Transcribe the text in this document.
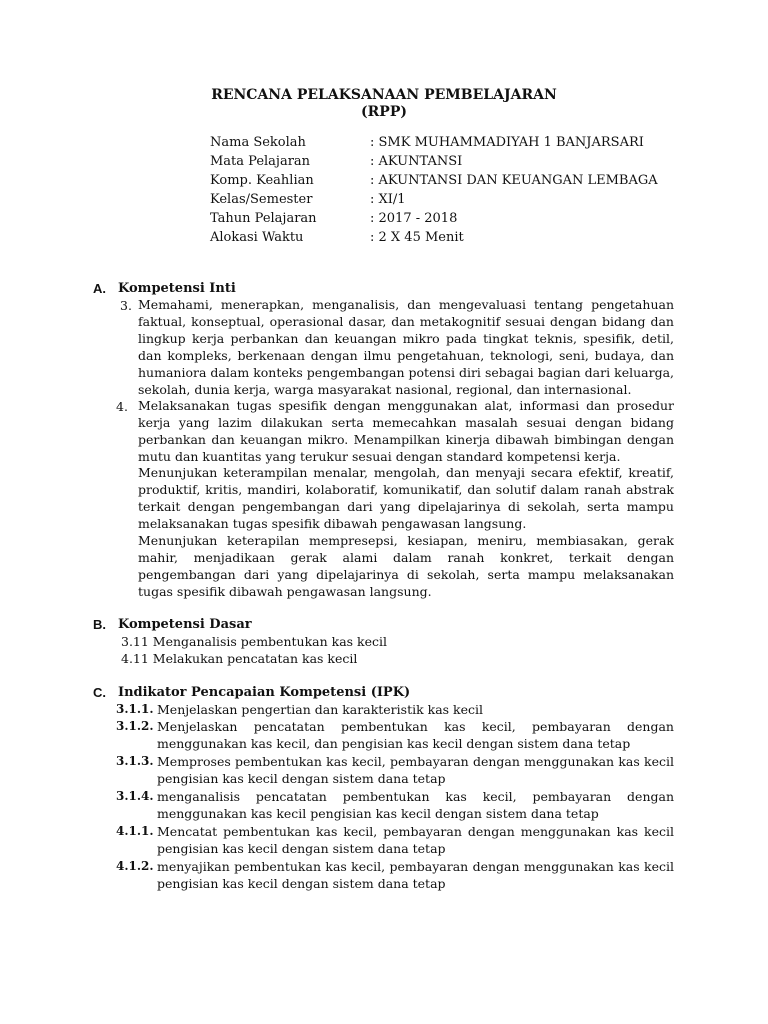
RENCANA PELAKSANAAN PEMBELAJARAN
(RPP)
Nama Sekolah	: SMK MUHAMMADIYAH 1 BANJARSARI
Mata Pelajaran	: AKUNTANSI
Komp. Keahlian	: AKUNTANSI DAN KEUANGAN LEMBAGA
Kelas/Semester	: XI/1
Tahun Pelajaran	: 2017 - 2018
Alokasi Waktu	: 2 X 45 Menit
A. Kompetensi Inti
3. Memahami, menerapkan, menganalisis, dan mengevaluasi tentang pengetahuan faktual, konseptual, operasional dasar, dan metakognitif sesuai dengan bidang dan lingkup kerja perbankan dan keuangan mikro pada tingkat teknis, spesifik, detil, dan kompleks, berkenaan dengan ilmu pengetahuan, teknologi, seni, budaya, dan humaniora dalam konteks pengembangan potensi diri sebagai bagian dari keluarga, sekolah, dunia kerja, warga masyarakat nasional, regional, dan internasional.
4. Melaksanakan tugas spesifik dengan menggunakan alat, informasi dan prosedur kerja yang lazim dilakukan serta memecahkan masalah sesuai dengan bidang perbankan dan keuangan mikro. Menampilkan kinerja dibawah bimbingan dengan mutu dan kuantitas yang terukur sesuai dengan standard kompetensi kerja.
Menunjukan keterampilan menalar, mengolah, dan menyaji secara efektif, kreatif, produktif, kritis, mandiri, kolaboratif, komunikatif, dan solutif dalam ranah abstrak terkait dengan pengembangan dari yang dipelajarinya di sekolah, serta mampu melaksanakan tugas spesifik dibawah pengawasan langsung.
Menunjukan keterapilan mempresepsi, kesiapan, meniru, membiasakan, gerak mahir, menjadikaan gerak alami dalam ranah konkret, terkait dengan pengembangan dari yang dipelajarinya di sekolah, serta mampu melaksanakan tugas spesifik dibawah pengawasan langsung.
B. Kompetensi Dasar
3.11 Menganalisis pembentukan kas kecil
4.11 Melakukan pencatatan kas kecil
C. Indikator Pencapaian Kompetensi (IPK)
3.1.1. Menjelaskan pengertian dan karakteristik kas kecil
3.1.2. Menjelaskan pencatatan pembentukan kas kecil, pembayaran dengan menggunakan kas kecil, dan pengisian kas kecil dengan sistem dana tetap
3.1.3. Memproses pembentukan kas kecil, pembayaran dengan menggunakan kas kecil pengisian kas kecil dengan sistem dana tetap
3.1.4. menganalisis pencatatan pembentukan kas kecil, pembayaran dengan menggunakan kas kecil pengisian kas kecil dengan sistem dana tetap
4.1.1. Mencatat pembentukan kas kecil, pembayaran dengan menggunakan kas kecil pengisian kas kecil dengan sistem dana tetap
4.1.2. menyajikan pembentukan kas kecil, pembayaran dengan menggunakan kas kecil pengisian kas kecil dengan sistem dana tetap
